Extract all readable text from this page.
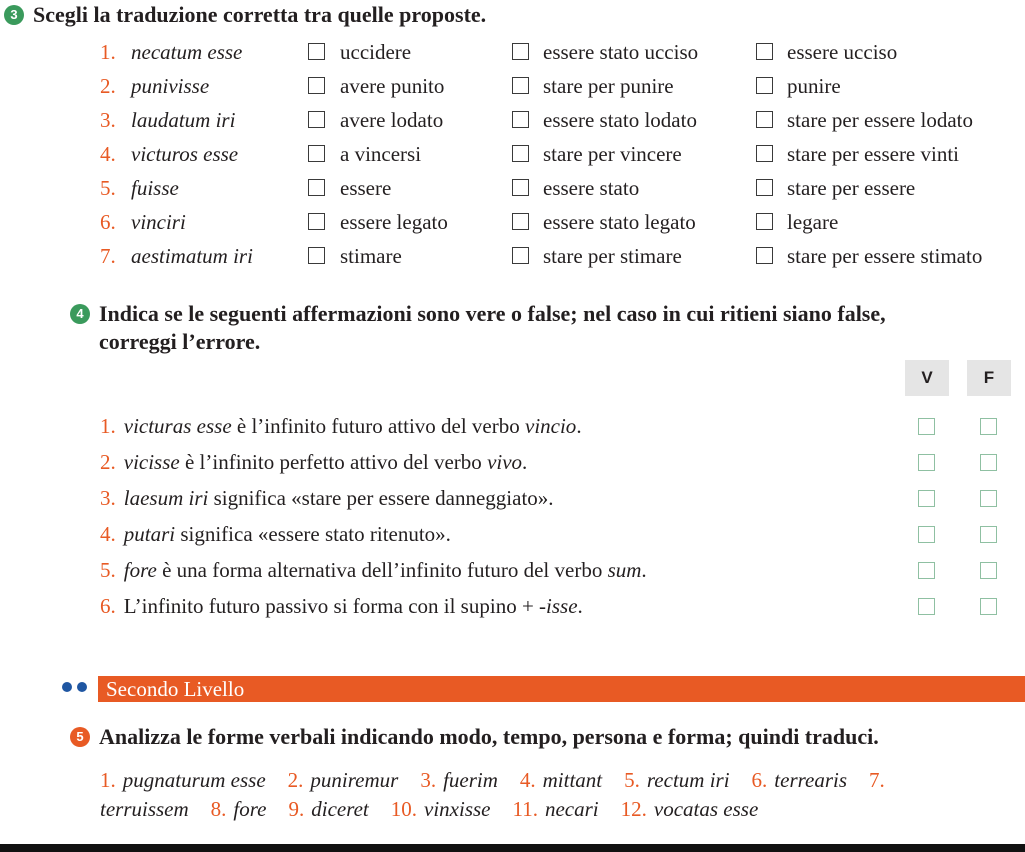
3 Scegli la traduzione corretta tra quelle proposte.
1. necatum esse	uccidere	essere stato ucciso	essere ucciso
2. punivisse	avere punito	stare per punire	punire
3. laudatum iri	avere lodato	essere stato lodato	stare per essere lodato
4. victuros esse	a vincersi	stare per vincere	stare per essere vinti
5. fuisse	essere	essere stato	stare per essere
6. vinciri	essere legato	essere stato legato	legare
7. aestimatum iri	stimare	stare per stimare	stare per essere stimato
4 Indica se le seguenti affermazioni sono vere o false; nel caso in cui ritieni siano false,
correggi l’errore.
V	F
1. victuras esse è l’infinito futuro attivo del verbo vincio.
2. vicisse è l’infinito perfetto attivo del verbo vivo.
3. laesum iri significa «stare per essere danneggiato».
4. putari significa «essere stato ritenuto».
5. fore è una forma alternativa dell’infinito futuro del verbo sum.
6. L’infinito futuro passivo si forma con il supino + -isse.
Secondo Livello
5 Analizza le forme verbali indicando modo, tempo, persona e forma; quindi traduci.
1. pugnaturum esse 2. puniremur 3. fuerim 4. mittant 5. rectum iri 6. terrearis 7.
terruissem 8. fore 9. diceret 10. vinxisse 11. necari 12. vocatas esse
